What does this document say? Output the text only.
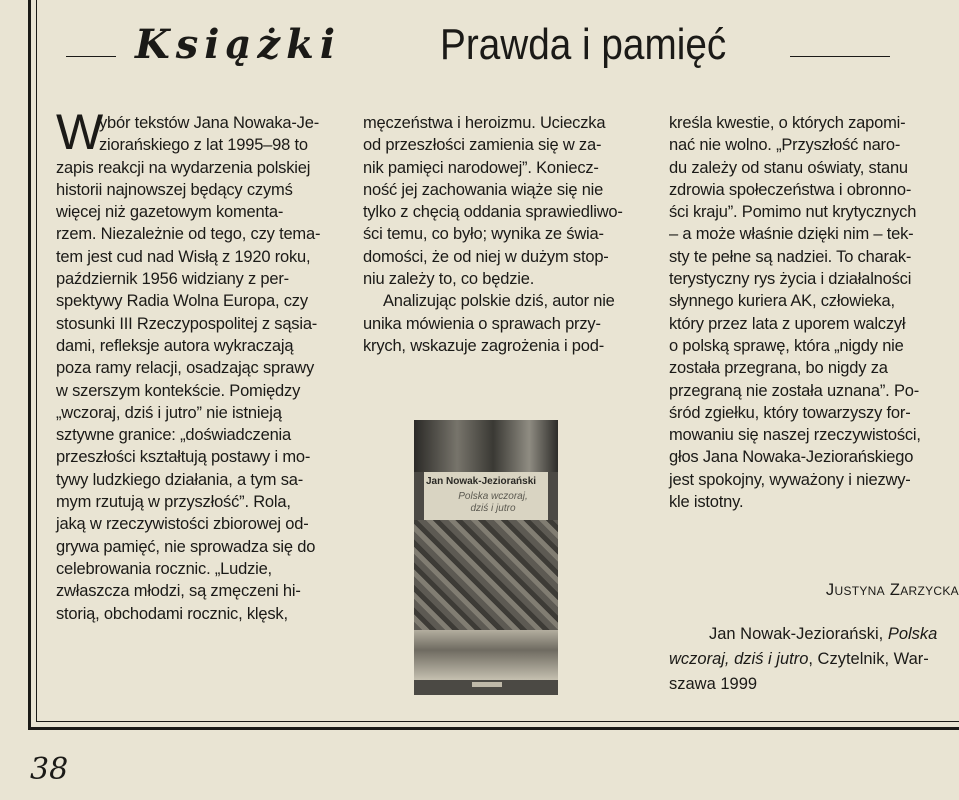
Książki Prawda i pamięć
W
ybór tekstów Jana Nowaka-Je-
ziorańskiego z lat 1995–98 to
zapis reakcji na wydarzenia polskiej
historii najnowszej będący czymś
więcej niż gazetowym komenta-
rzem. Niezależnie od tego, czy tema-
tem jest cud nad Wisłą z 1920 roku,
październik 1956 widziany z per-
spektywy Radia Wolna Europa, czy
stosunki III Rzeczypospolitej z sąsia-
dami, refleksje autora wykraczają
poza ramy relacji, osadzając sprawy
w szerszym kontekście. Pomiędzy
„wczoraj, dziś i jutro” nie istnieją
sztywne granice: „doświadczenia
przeszłości kształtują postawy i mo-
tywy ludzkiego działania, a tym sa-
mym rzutują w przyszłość”. Rola,
jaką w rzeczywistości zbiorowej od-
grywa pamięć, nie sprowadza się do
celebrowania rocznic. „Ludzie,
zwłaszcza młodzi, są zmęczeni hi-
storią, obchodami rocznic, klęsk,
męczeństwa i heroizmu. Ucieczka
od przeszłości zamienia się w za-
nik pamięci narodowej”. Koniecz-
ność jej zachowania wiąże się nie
tylko z chęcią oddania sprawiedliwo-
ści temu, co było; wynika ze świa-
domości, że od niej w dużym stop-
niu zależy to, co będzie.
Analizując polskie dziś, autor nie
unika mówienia o sprawach przy-
krych, wskazuje zagrożenia i pod-
Jan Nowak-Jeziorański
Polska wczoraj,
dziś i jutro
kreśla kwestie, o których zapomi-
nać nie wolno. „Przyszłość naro-
du zależy od stanu oświaty, stanu
zdrowia społeczeństwa i obronno-
ści kraju”. Pomimo nut krytycznych
– a może właśnie dzięki nim – tek-
sty te pełne są nadziei. To charak-
terystyczny rys życia i działalności
słynnego kuriera AK, człowieka,
który przez lata z uporem walczył
o polską sprawę, która „nigdy nie
została przegrana, bo nigdy za
przegraną nie została uznana”. Po-
śród zgiełku, który towarzyszy for-
mowaniu się naszej rzeczywistości,
głos Jana Nowaka-Jeziorańskiego
jest spokojny, wyważony i niezwy-
kle istotny.
Justyna Zarzycka
Jan Nowak-Jeziorański, Polska
wczoraj, dziś i jutro, Czytelnik, War-
szawa 1999
38
